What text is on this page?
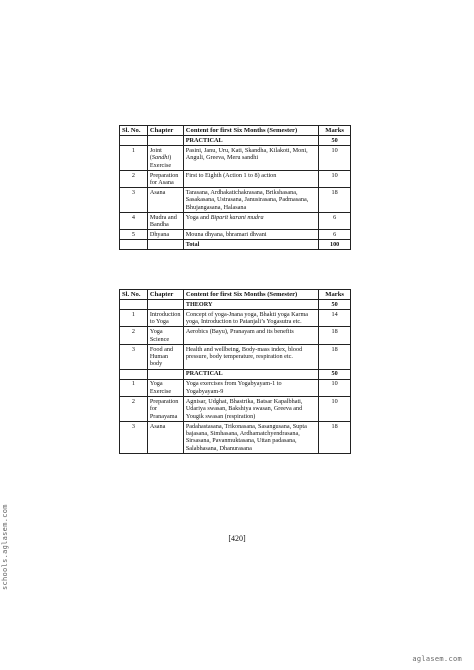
Sl. No.	Chapter	Content for first Six Months (Semester)	Marks
		PRACTICAL	50
1	Joint (Sandhi) Exercise	Pasini, Janu, Uru, Kati, Skandha, Kilakoti, Moni, Anguli, Greeva, Meru sandhi	10
2	Preparation for Asana	First to Eighth (Action 1 to 8) action	10
3	Asana	Tarasana, Ardhakatichakrasana, Brikshasana, Sasakasana, Ustrasana, Janusirasana, Padmasana, Bhujangasana, Halasana	18
4	Mudra and Bandha	Yoga and Biparit karani mudra	6
5	Dhyana	Mouna dhyana, bhramari dhvani	6
		Total	100
Sl. No.	Chapter	Content for first Six Months (Semester)	Marks
		THEORY	50
1	Introduction to Yoga	Concept of yoga-Jnana yoga, Bhakti yoga Karma yoga, Introduction to Patanjali’s Yogasutra etc.	14
2	Yoga Science	Aerobics (Bayu), Pranayam and its benefits	18
3	Food and Human body	Health and wellbeing, Body-mass index, blood pressure, body temperature, respiration etc.	18
		PRACTICAL	50
1	Yoga Exercise	Yoga exercises from Yogabyayam-1 to Yogabyayam-9	10
2	Preparation for Pranayama	Agnisar, Udghat, Bhastrika, Batsar Kapalbhati, Udariya swasan, Bakshiya swasan, Greeva and Yougik swasan (respiration)	10
3	Asana	Padahastasana, Trikonasana, Sasangusana, Supta bajasana, Simhasana, Ardhamatchyendrasana, Sirsasana, Pavanmuktasana, Uttan padasana, Salabhasana, Dhanurasana	18
[420]
schools.aglasem.com
aglasem.com
